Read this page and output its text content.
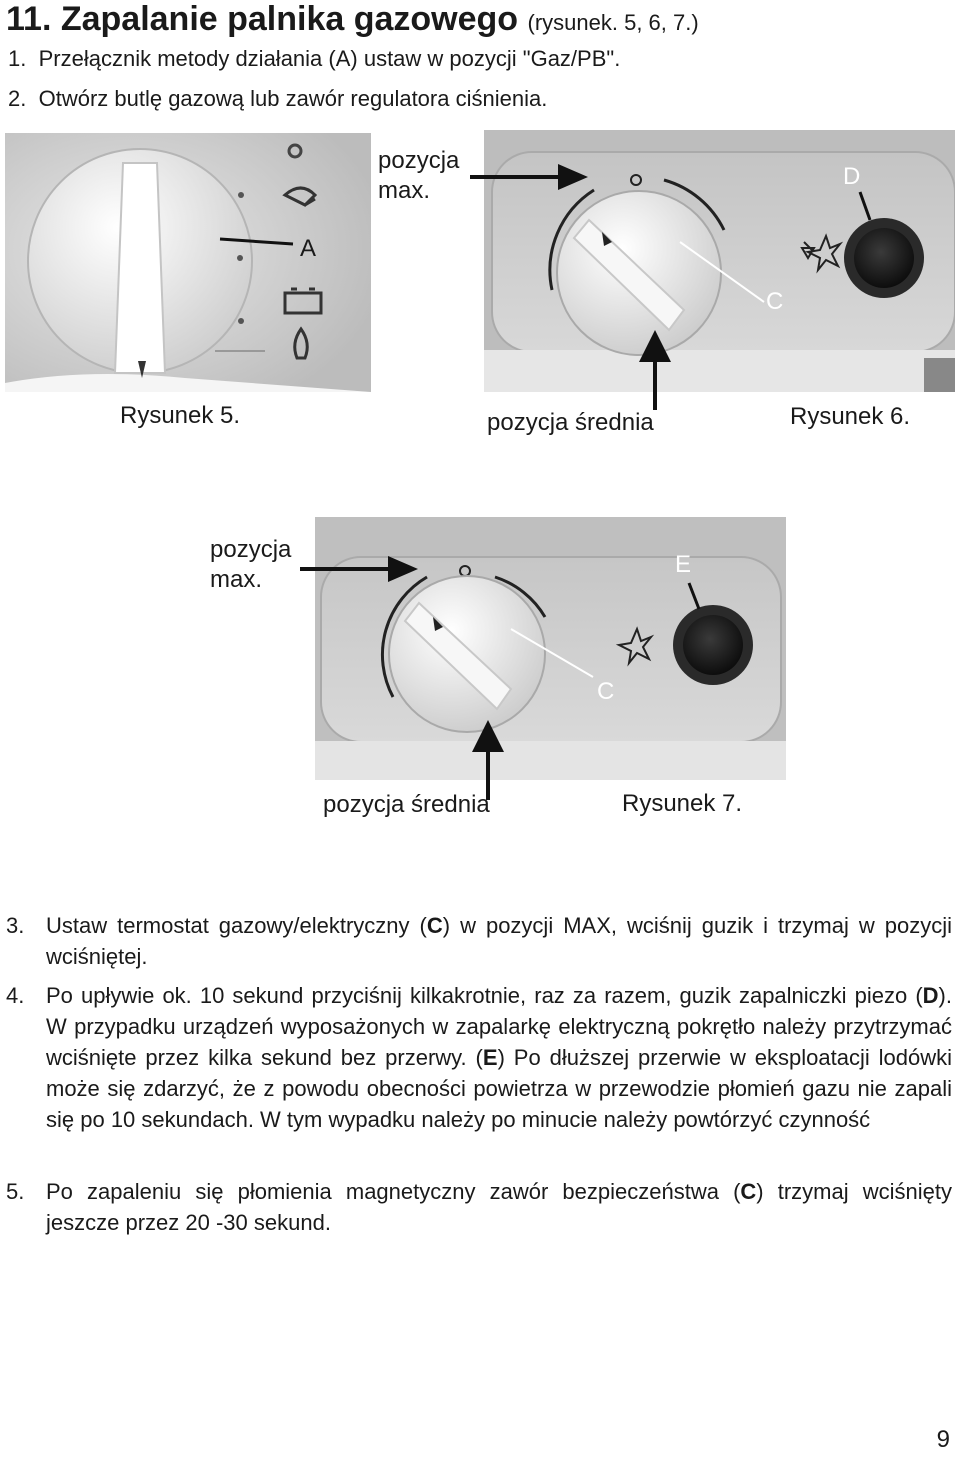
11. Zapalanie palnika gazowego (rysunek. 5, 6, 7.)
1. Przełącznik metody działania (A) ustaw w pozycji "Gaz/PB".
2. Otwórz butlę gazową lub zawór regulatora ciśnienia.
A
Rysunek 5.
pozycja
max.
D
C
pozycja średnia	Rysunek 6.
pozycja
max.
E
C
pozycja średnia	Rysunek 7.
3. Ustaw termostat gazowy/elektryczny (C) w pozycji MAX, wciśnij guzik i trzymaj w pozycji wciśniętej.
4. Po upływie ok. 10 sekund przyciśnij kilkakrotnie, raz za razem, guzik zapalniczki piezo (D). W przypadku urządzeń wyposażonych w zapalarkę elektryczną pokrętło należy przytrzymać wciśnięte przez kilka sekund bez przerwy. (E) Po dłuższej przerwie w eksploatacji lodówki może się zdarzyć, że z powodu obecności powietrza w przewodzie płomień gazu nie zapali się po 10 sekundach. W tym wypadku należy po minucie należy powtórzyć czynność
5. Po zapaleniu się płomienia magnetyczny zawór bezpieczeństwa (C) trzymaj wciśnięty jeszcze przez 20 -30 sekund.
9
